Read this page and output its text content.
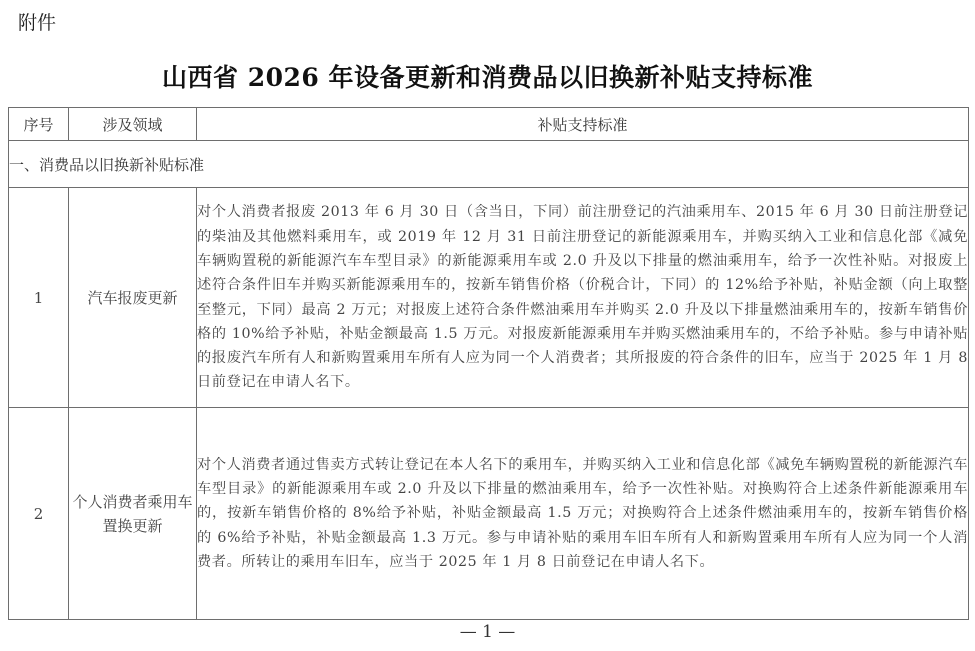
附件
山西省 2026 年设备更新和消费品以旧换新补贴支持标准
序号	涉及领域	补贴支持标准
一、消费品以旧换新补贴标准		
1	汽车报废更新	对个人消费者报废 2013 年 6 月 30 日（含当日，下同）前注册登记的汽油乘用车、2015 年 6 月 30 日前注册登记的柴油及其他燃料乘用车，或 2019 年 12 月 31 日前注册登记的新能源乘用车，并购买纳入工业和信息化部《减免车辆购置税的新能源汽车车型目录》的新能源乘用车或 2.0 升及以下排量的燃油乘用车，给予一次性补贴。对报废上述符合条件旧车并购买新能源乘用车的，按新车销售价格（价税合计，下同）的 12%给予补贴，补贴金额（向上取整至整元，下同）最高 2 万元；对报废上述符合条件燃油乘用车并购买 2.0 升及以下排量燃油乘用车的，按新车销售价格的 10%给予补贴，补贴金额最高 1.5 万元。对报废新能源乘用车并购买燃油乘用车的，不给予补贴。参与申请补贴的报废汽车所有人和新购置乘用车所有人应为同一个人消费者；其所报废的符合条件的旧车，应当于 2025 年 1 月 8 日前登记在申请人名下。
2	个人消费者乘用车置换更新	对个人消费者通过售卖方式转让登记在本人名下的乘用车，并购买纳入工业和信息化部《减免车辆购置税的新能源汽车车型目录》的新能源乘用车或 2.0 升及以下排量的燃油乘用车，给予一次性补贴。对换购符合上述条件新能源乘用车的，按新车销售价格的 8%给予补贴，补贴金额最高 1.5 万元；对换购符合上述条件燃油乘用车的，按新车销售价格的 6%给予补贴，补贴金额最高 1.3 万元。参与申请补贴的乘用车旧车所有人和新购置乘用车所有人应为同一个人消费者。所转让的乘用车旧车，应当于 2025 年 1 月 8 日前登记在申请人名下。
— 1 —
